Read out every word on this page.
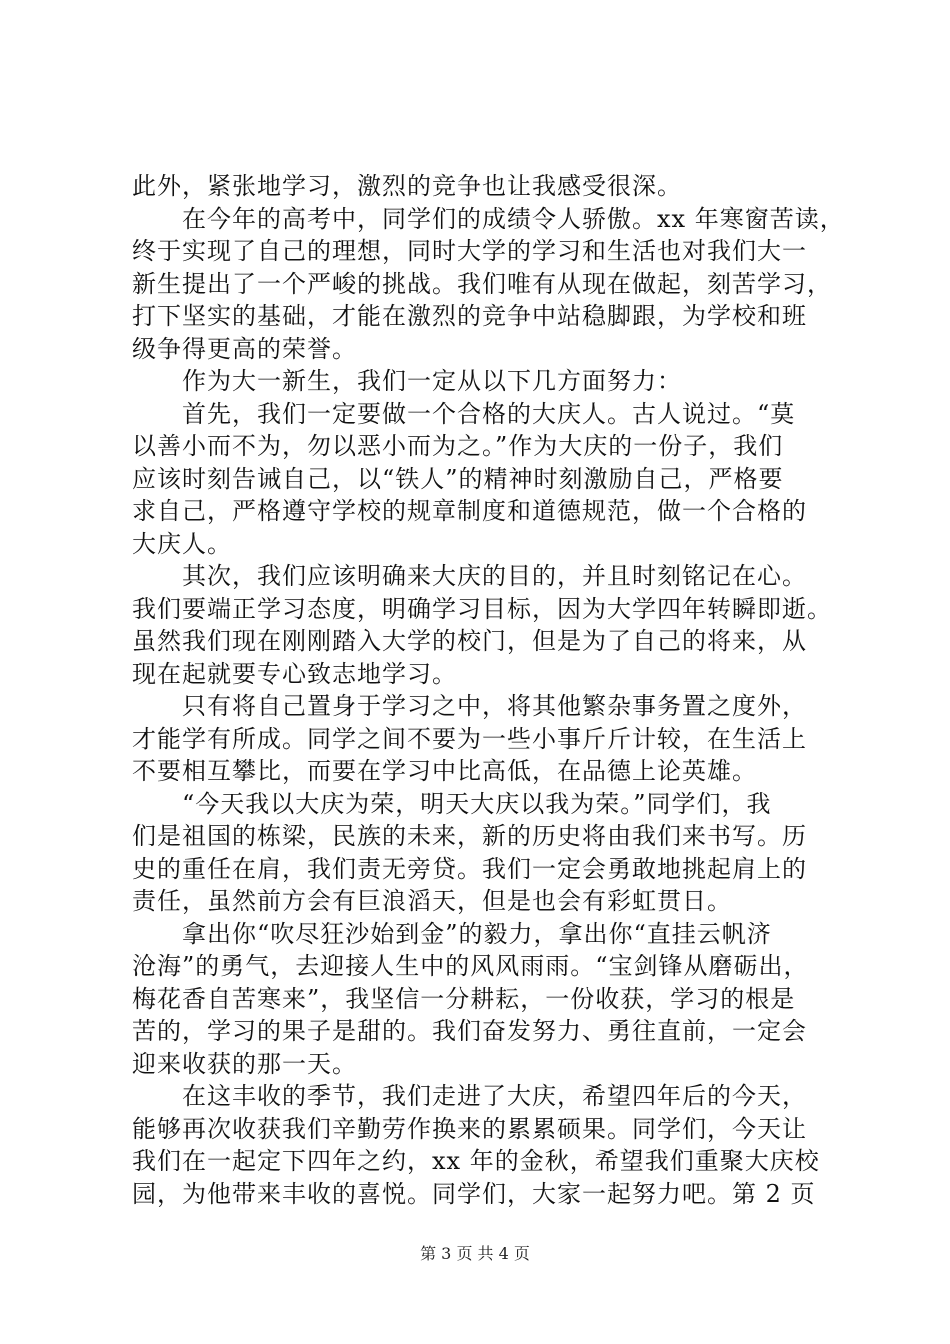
此外，紧张地学习，激烈的竞争也让我感受很深。
在今年的高考中，同学们的成绩令人骄傲。xx 年寒窗苦读，
终于实现了自己的理想，同时大学的学习和生活也对我们大一
新生提出了一个严峻的挑战。我们唯有从现在做起，刻苦学习，
打下坚实的基础，才能在激烈的竞争中站稳脚跟，为学校和班
级争得更高的荣誉。
作为大一新生，我们一定从以下几方面努力：
首先，我们一定要做一个合格的大庆人。古人说过。“莫
以善小而不为，勿以恶小而为之。”作为大庆的一份子，我们
应该时刻告诫自己，以“铁人”的精神时刻激励自己，严格要
求自己，严格遵守学校的规章制度和道德规范，做一个合格的
大庆人。
其次，我们应该明确来大庆的目的，并且时刻铭记在心。
我们要端正学习态度，明确学习目标，因为大学四年转瞬即逝。
虽然我们现在刚刚踏入大学的校门，但是为了自己的将来，从
现在起就要专心致志地学习。
只有将自己置身于学习之中，将其他繁杂事务置之度外，
才能学有所成。同学之间不要为一些小事斤斤计较，在生活上
不要相互攀比，而要在学习中比高低，在品德上论英雄。
“今天我以大庆为荣，明天大庆以我为荣。”同学们，我
们是祖国的栋梁，民族的未来，新的历史将由我们来书写。历
史的重任在肩，我们责无旁贷。我们一定会勇敢地挑起肩上的
责任，虽然前方会有巨浪滔天，但是也会有彩虹贯日。
拿出你“吹尽狂沙始到金”的毅力，拿出你“直挂云帆济
沧海”的勇气，去迎接人生中的风风雨雨。“宝剑锋从磨砺出，
梅花香自苦寒来”，我坚信一分耕耘，一份收获，学习的根是
苦的，学习的果子是甜的。我们奋发努力、勇往直前，一定会
迎来收获的那一天。
在这丰收的季节，我们走进了大庆，希望四年后的今天，
能够再次收获我们辛勤劳作换来的累累硕果。同学们，今天让
我们在一起定下四年之约，xx 年的金秋，希望我们重聚大庆校
园，为他带来丰收的喜悦。同学们，大家一起努力吧。第 2 页
第 3 页 共 4 页
